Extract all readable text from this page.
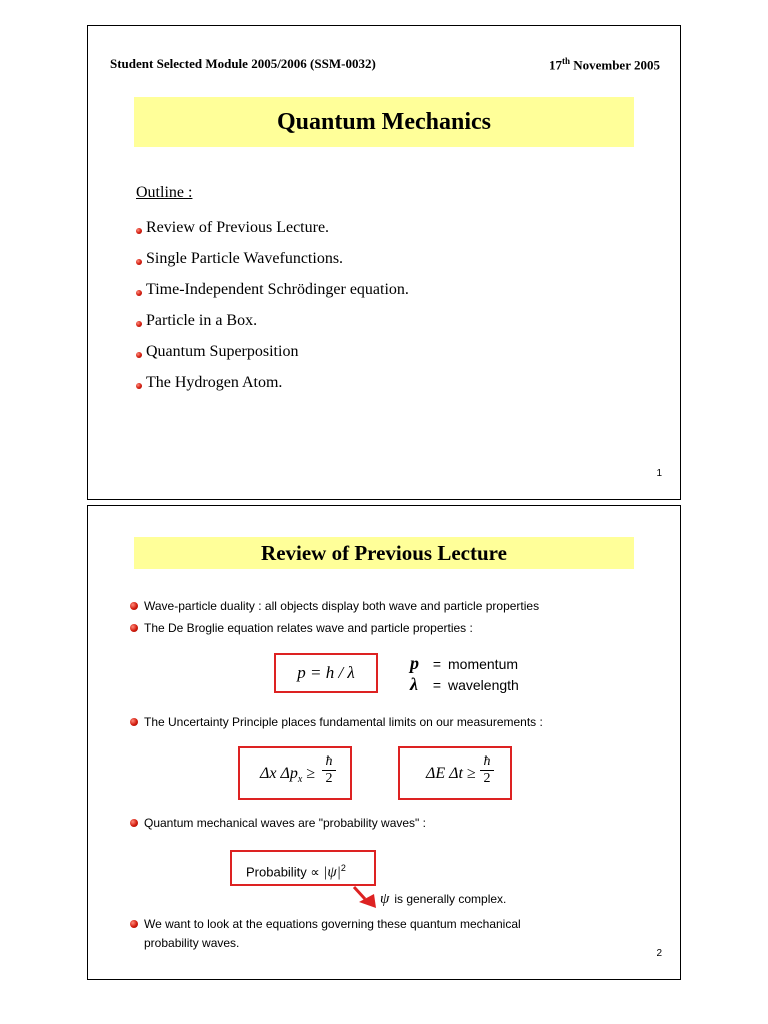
Student Selected Module 2005/2006 (SSM-0032)	17th November 2005
Quantum Mechanics
Outline :
Review of Previous Lecture.
Single Particle Wavefunctions.
Time-Independent Schrödinger equation.
Particle in a Box.
Quantum Superposition
The Hydrogen Atom.
1
Review of Previous Lecture
Wave-particle duality : all objects display both wave and particle properties
The De Broglie equation relates wave and particle properties :
p = h / λ	p = momentum
λ = wavelength
The Uncertainty Principle places fundamental limits on our measurements :
Δx $\Delta p_x$ ≥
ħ
2	ΔE Δt ≥
ħ
2
Quantum mechanical waves are "probability waves" :
Probability ∝ $|\psi|^2$
ψ is generally complex.
We want to look at the equations governing these quantum mechanical
probability waves.
2
